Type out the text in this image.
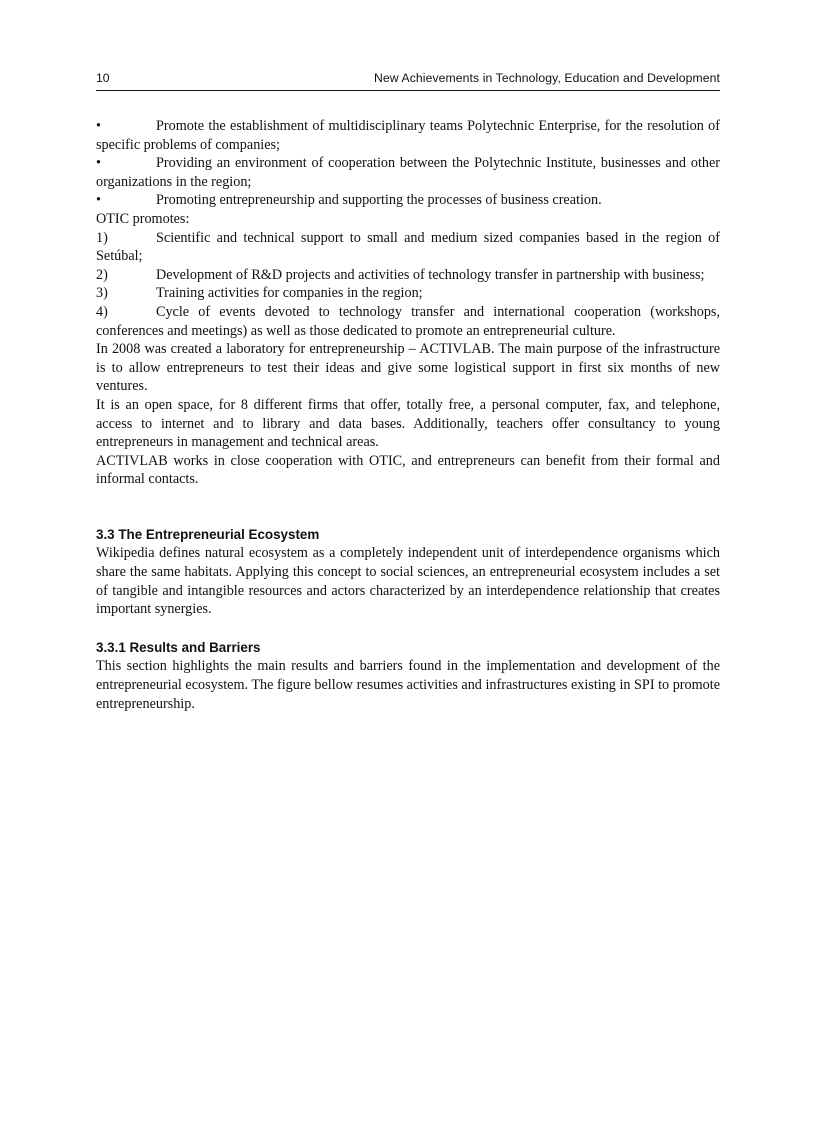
10	New Achievements in Technology, Education and Development
•	Promote the establishment of multidisciplinary teams Polytechnic Enterprise, for the resolution of specific problems of companies;
•	Providing an environment of cooperation between the Polytechnic Institute, businesses and other organizations in the region;
•	Promoting entrepreneurship and supporting the processes of business creation.

OTIC promotes:

1)	Scientific and technical support to small and medium sized companies based in the region of Setúbal;
2)	Development of R&D projects and activities of technology transfer in partnership with business;
3)	Training activities for companies in the region;
4)	Cycle of events devoted to technology transfer and international cooperation (workshops, conferences and meetings) as well as those dedicated to promote an entrepreneurial culture.

In 2008 was created a laboratory for entrepreneurship – ACTIVLAB. The main purpose of the infrastructure is to allow entrepreneurs to test their ideas and give some logistical support in first six months of new ventures.

It is an open space, for 8 different firms that offer, totally free, a personal computer, fax, and telephone, access to internet and to library and data bases. Additionally, teachers offer consultancy to young entrepreneurs in management and technical areas.

ACTIVLAB works in close cooperation with OTIC, and entrepreneurs can benefit from their formal and informal contacts.

3.3 The Entrepreneurial Ecosystem

Wikipedia defines natural ecosystem as a completely independent unit of interdependence organisms which share the same habitats. Applying this concept to social sciences, an entrepreneurial ecosystem includes a set of tangible and intangible resources and actors characterized by an interdependence relationship that creates important synergies.

3.3.1 Results and Barriers

This section highlights the main results and barriers found in the implementation and development of the entrepreneurial ecosystem. The figure bellow resumes activities and infrastructures existing in SPI to promote entrepreneurship.
